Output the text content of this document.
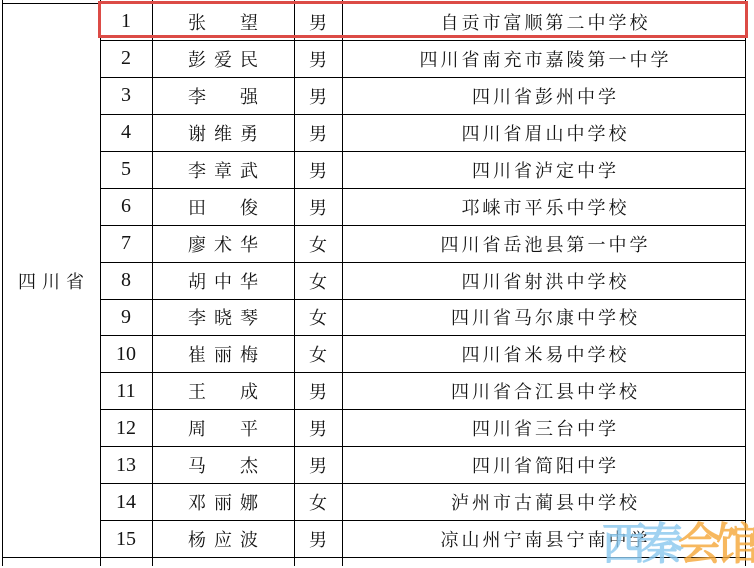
四川省
1	张　望	男	自贡市富顺第二中学校
2	彭爱民	男	四川省南充市嘉陵第一中学
3	李　强	男	四川省彭州中学
4	谢维勇	男	四川省眉山中学校
5	李章武	男	四川省泸定中学
6	田　俊	男	邛崃市平乐中学校
7	廖术华	女	四川省岳池县第一中学
8	胡中华	女	四川省射洪中学校
9	李晓琴	女	四川省马尔康中学校
10	崔丽梅	女	四川省米易中学校
11	王　成	男	四川省合江县中学校
12	周　平	男	四川省三台中学
13	马　杰	男	四川省简阳中学
14	邓丽娜	女	泸州市古蔺县中学校
15	杨应波	男	凉山州宁南县宁南中学
西秦会馆
